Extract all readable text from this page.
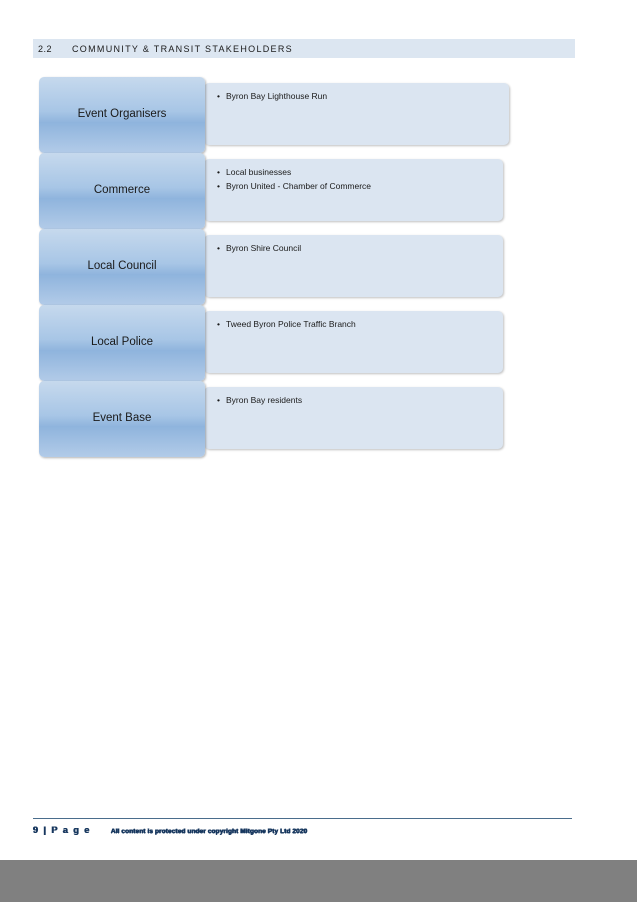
2.2	COMMUNITY & TRANSIT STAKEHOLDERS
• Byron Bay Lighthouse Run
Event Organisers
• Local businesses
• Byron United - Chamber of Commerce
Commerce
• Byron Shire Council
Local Council
• Tweed Byron Police Traffic Branch
Local Police
• Byron Bay residents
Event Base
9 | P a g e	All content is protected under copyright Mitgone Pty Ltd 2020
